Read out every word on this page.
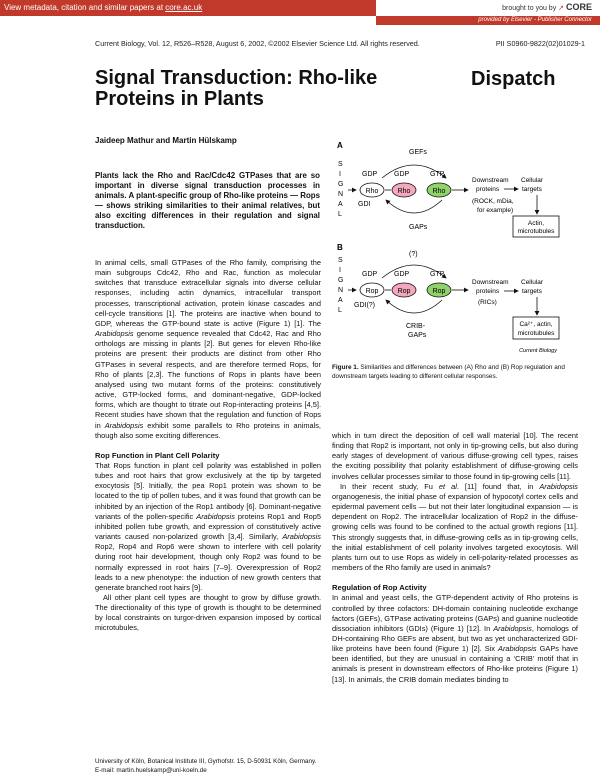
View metadata, citation and similar papers at core.ac.uk	brought to you by ↗ CORE
provided by Elsevier - Publisher Connector
Current Biology, Vol. 12, R526–R528, August 6, 2002, ©2002 Elsevier Science Ltd. All rights reserved.	PII S0960-9822(02)01029-1
Signal Transduction: Rho-like Proteins in Plants
Dispatch
Jaideep Mathur and Martin Hülskamp
Plants lack the Rho and Rac/Cdc42 GTPases that are so important in diverse signal transduction processes in animals. A plant-specific group of Rho-like proteins — Rops — shows striking similarities to their animal relatives, but also exciting differences in their regulation and signal transduction.

In animal cells, small GTPases of the Rho family, comprising the main subgroups Cdc42, Rho and Rac, function as molecular switches that transduce extracellular signals into diverse cellular responses, including actin dynamics, intracellular transport processes, transcriptional activation, protein kinase cascades and cell-cycle transitions [1]. The proteins are inactive when bound to GDP, whereas the GTP-bound state is active (Figure 1) [1]. The Arabidopsis genome sequence revealed that Cdc42, Rac and Rho orthologs are missing in plants [2]. But genes for eleven Rho-like proteins are present: their products are distinct from other Rho GTPases in several respects, and are therefore termed Rops, for Rho of plants [2,3]. The functions of Rops in plants have been analysed using two mutant forms of the proteins: constitutively active, GTP-locked forms, and dominant-negative, GDP-locked forms, which are thought to titrate out Rop-interacting proteins [4,5]. Recent studies have shown that the regulation and function of Rops in Arabidopsis exhibit some parallels to Rho proteins in animals, though also some exciting differences.

Rop Function in Plant Cell Polarity

That Rops function in plant cell polarity was established in pollen tubes and root hairs that grow exclusively at the tip by targeted exocytosis [5]. Initially, the pea Rop1 protein was shown to be located to the tip of pollen tubes, and it was found that growth can be inhibited by an injection of the Rop1 antibody [6]. Dominant-negative variants of the pollen-specific Arabidopsis proteins Rop1 and Rop5 inhibited pollen tube growth, and expression of constitutively active variants caused non-polarized growth [3,4]. Similarly, Arabidopsis Rop2, Rop4 and Rop6 were shown to interfere with cell polarity during root hair development, though only Rop2 was found to be normally expressed in root hairs [7–9]. Overexpression of Rop2 leads to a new phenotype: the induction of new growth centers that generate branched root hairs [9].

All other plant cell types are thought to grow by diffuse growth. The directionality of this type of growth is thought to be determined by local constraints on turgor-driven expansion imposed by cortical microtubules,

University of Köln, Botanical Institute III, Gyrhofstr. 15, D-50931 Köln, Germany. E-mail: martin.huelskamp@uni-koeln.de
A
S
I
G
N
A
L
GEFs
GDP GDP	GTP
Rho	Rho	Rho
GDI
GAPs
Downstream
proteins
Cellular
targets
(ROCK, mDia,
for example)
Actin,
microtubules
B
S
I
G
N
A
L
(?)
GDP GDP	GTP
Rop	Rop	Rop
GDI(?)
CRIB-
GAPs
Downstream
proteins
(RICs)
Cellular
targets
Ca²⁺, actin,
microtubules
Current Biology
Figure 1. Similarities and differences between (A) Rho and (B) Rop regulation and downstream targets leading to different cellular responses.

which in turn direct the deposition of cell wall material [10]. The recent finding that Rop2 is important, not only in tip-growing cells, but also during early stages of development of various diffuse-growing cell types, raises the exciting possibility that polarity establishment of diffuse-growing cells involves cellular processes similar to those found in tip-growing cells [11].

In their recent study, Fu et al. [11] found that, in Arabidopsis organogenesis, the initial phase of expansion of hypocotyl cortex cells and epidermal pavement cells — but not their later longitudinal expansion — is dependent on Rop2. The intracellular localization of Rop2 in the diffuse-growing cells was found to be confined to the actual growth regions [11]. This strongly suggests that, in diffuse-growing cells as in tip-growing cells, the initial establishment of cell polarity involves targeted exocytosis. Will plants turn out to use Rops as widely in cell-polarity-related processes as members of the Rho family are used in animals?

Regulation of Rop Activity

In animal and yeast cells, the GTP-dependent activity of Rho proteins is controlled by three cofactors: DH-domain containing nucleotide exchange factors (GEFs), GTPase activating proteins (GAPs) and guanine nucleotide dissociation inhibitors (GDIs) (Figure 1) [12]. In Arabidopsis, homologs of DH-containing Rho GEFs are absent, but two as yet uncharacterized GDI-like proteins have been found (Figure 1) [2]. Six Arabidopsis GAPs have been identified, but they are unusual in containing a ‘CRIB’ motif that in animals is present in downstream effectors of Rho-like proteins (Figure 1) [13]. In animals, the CRIB domain mediates binding to
